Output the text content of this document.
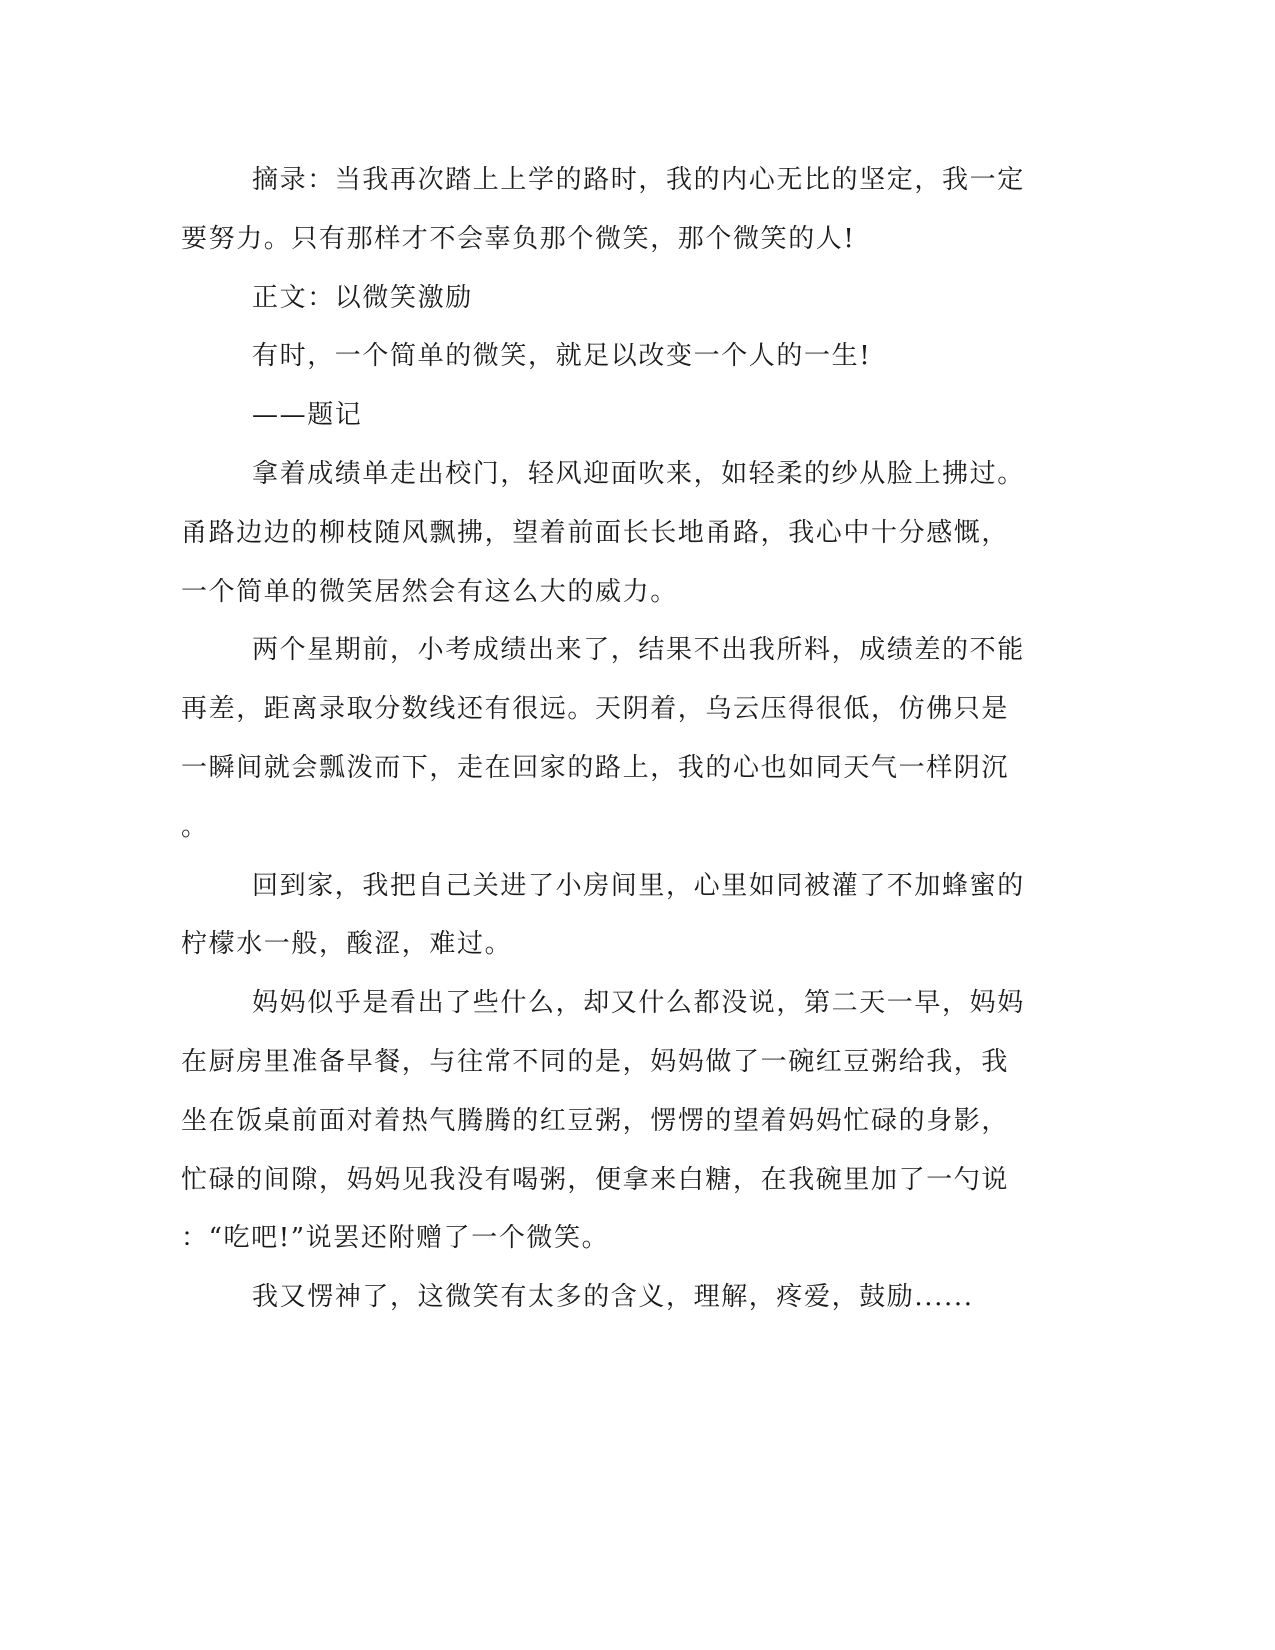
摘录：当我再次踏上上学的路时，我的内心无比的坚定，我一定
要努力。只有那样才不会辜负那个微笑，那个微笑的人!
正文：以微笑激励
有时，一个简单的微笑，就足以改变一个人的一生!
——题记
拿着成绩单走出校门，轻风迎面吹来，如轻柔的纱从脸上拂过。
甬路边边的柳枝随风飘拂，望着前面长长地甬路，我心中十分感慨，
一个简单的微笑居然会有这么大的威力。
两个星期前，小考成绩出来了，结果不出我所料，成绩差的不能
再差，距离录取分数线还有很远。天阴着，乌云压得很低，仿佛只是
一瞬间就会瓢泼而下，走在回家的路上，我的心也如同天气一样阴沉
。
回到家，我把自己关进了小房间里，心里如同被灌了不加蜂蜜的
柠檬水一般，酸涩，难过。
妈妈似乎是看出了些什么，却又什么都没说，第二天一早，妈妈
在厨房里准备早餐，与往常不同的是，妈妈做了一碗红豆粥给我，我
坐在饭桌前面对着热气腾腾的红豆粥，愣愣的望着妈妈忙碌的身影，
忙碌的间隙，妈妈见我没有喝粥，便拿来白糖，在我碗里加了一勺说
：“吃吧!”说罢还附赠了一个微笑。
我又愣神了，这微笑有太多的含义，理解，疼爱，鼓励......
